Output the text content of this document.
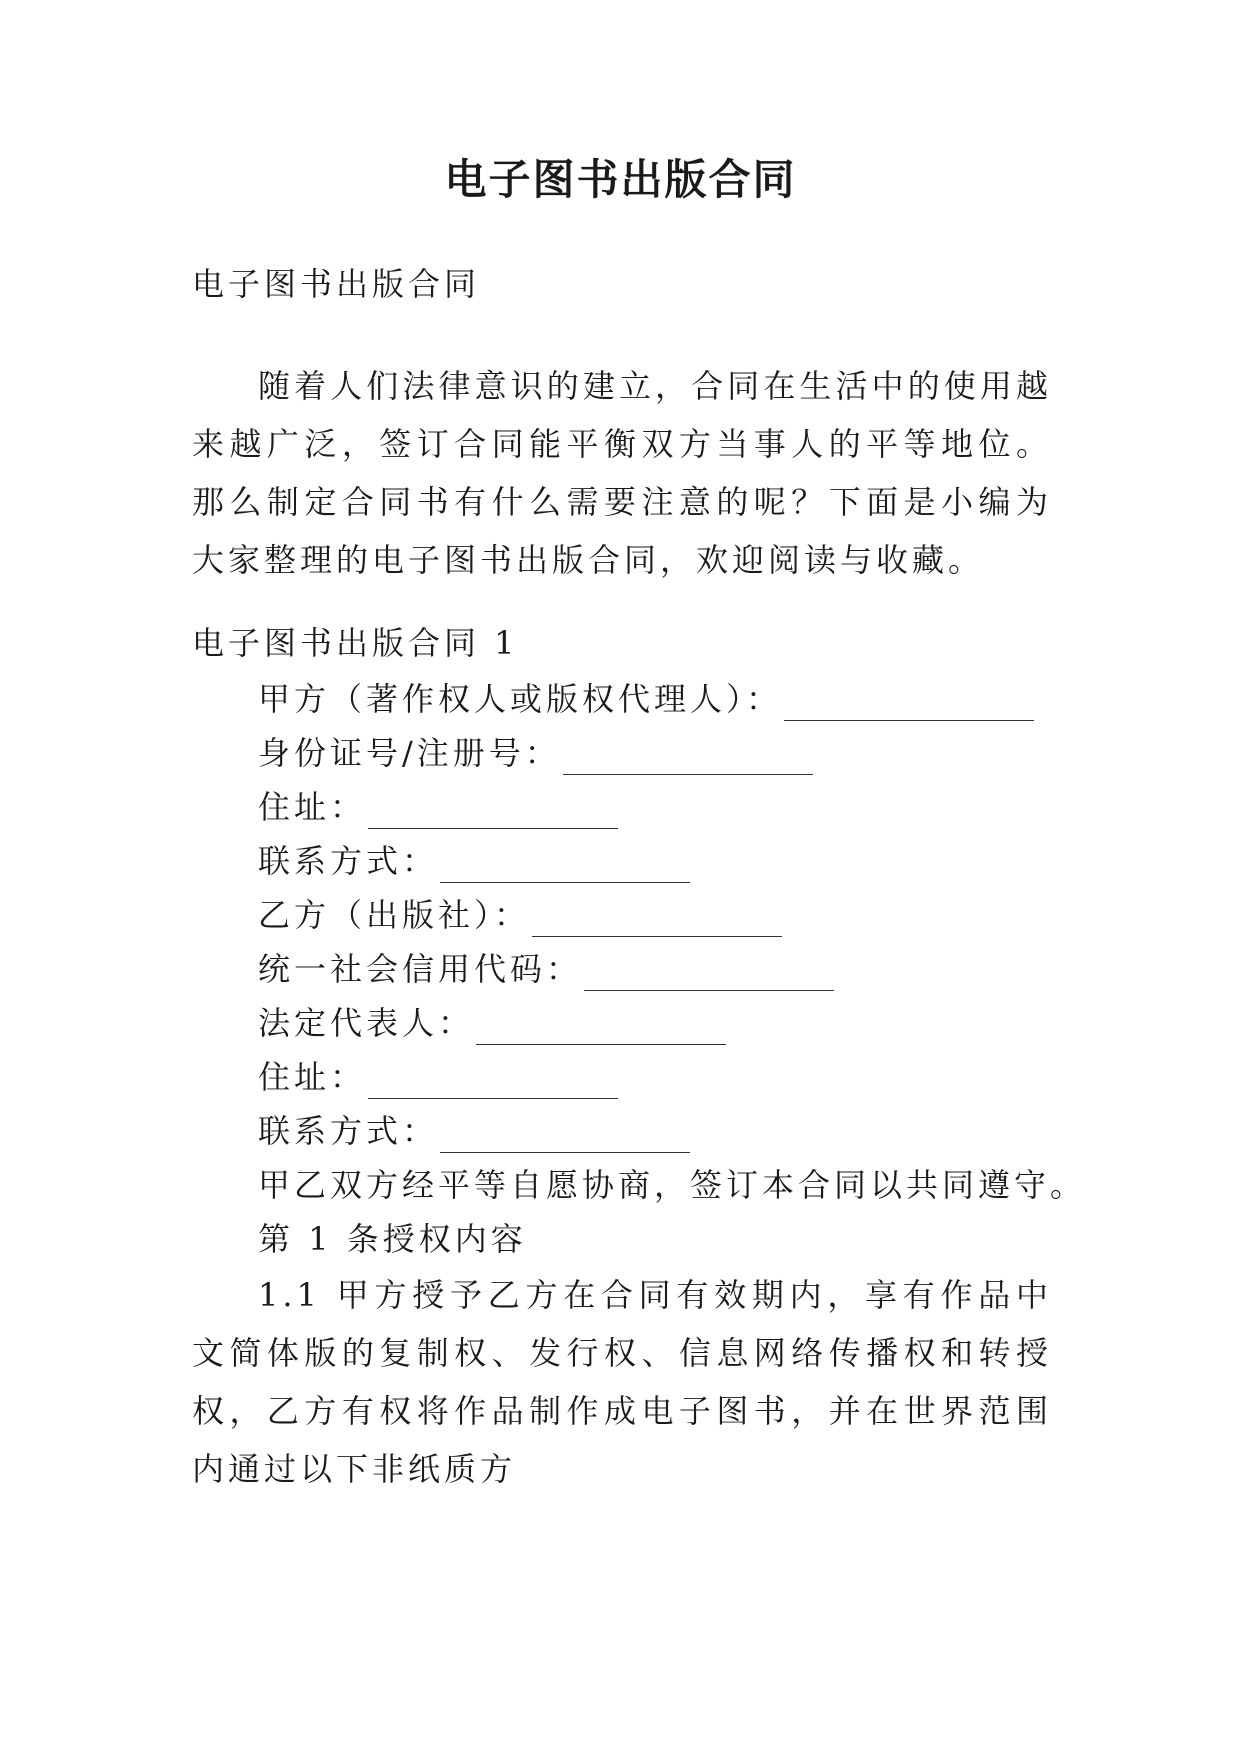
电子图书出版合同
电子图书出版合同
随着人们法律意识的建立，合同在生活中的使用越来越广泛，签订合同能平衡双方当事人的平等地位。那么制定合同书有什么需要注意的呢？下面是小编为大家整理的电子图书出版合同，欢迎阅读与收藏。
电子图书出版合同 1
甲方（著作权人或版权代理人）：
身份证号/注册号：
住址：
联系方式：
乙方（出版社）：
统一社会信用代码：
法定代表人：
住址：
联系方式：
甲乙双方经平等自愿协商，签订本合同以共同遵守。
第 1 条授权内容
1.1 甲方授予乙方在合同有效期内，享有作品中文简体版的复制权、发行权、信息网络传播权和转授权，乙方有权将作品制作成电子图书，并在世界范围内通过以下非纸质方
